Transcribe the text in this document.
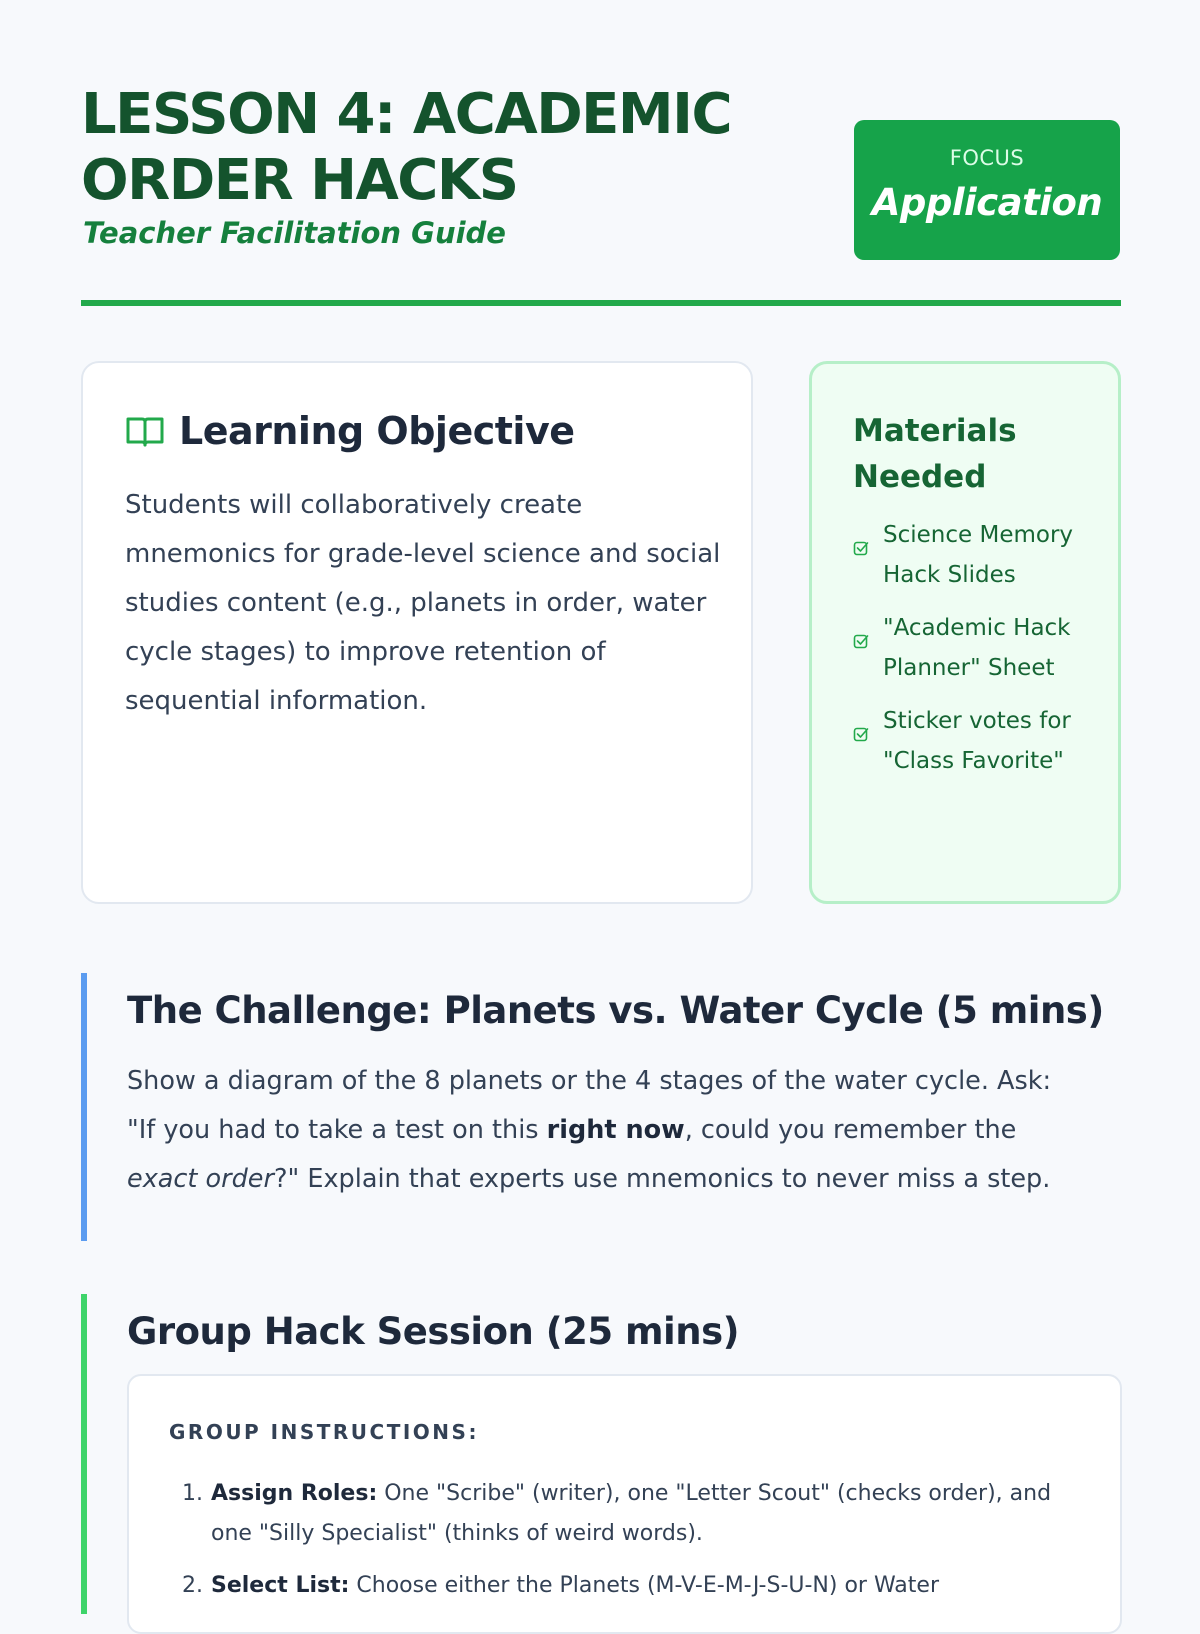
LESSON 4: ACADEMIC ORDER HACKS

Teacher Facilitation Guide

FOCUS
Application
Learning Objective

Students will collaboratively create mnemonics for grade-level science and social studies content (e.g., planets in order, water cycle stages) to improve retention of sequential information.

Materials Needed
Science Memory Hack Slides
"Academic Hack Planner" Sheet
Sticker votes for "Class Favorite"
The Challenge: Planets vs. Water Cycle (5 mins)

Show a diagram of the 8 planets or the 4 stages of the water cycle. Ask: "If you had to take a test on this right now, could you remember the exact order?" Explain that experts use mnemonics to never miss a step.

Group Hack Session (25 mins)

GROUP INSTRUCTIONS:

1. Assign Roles: One "Scribe" (writer), one "Letter Scout" (checks order), and one "Silly Specialist" (thinks of weird words).
2. Select List: Choose either the Planets (M-V-E-M-J-S-U-N) or Water
